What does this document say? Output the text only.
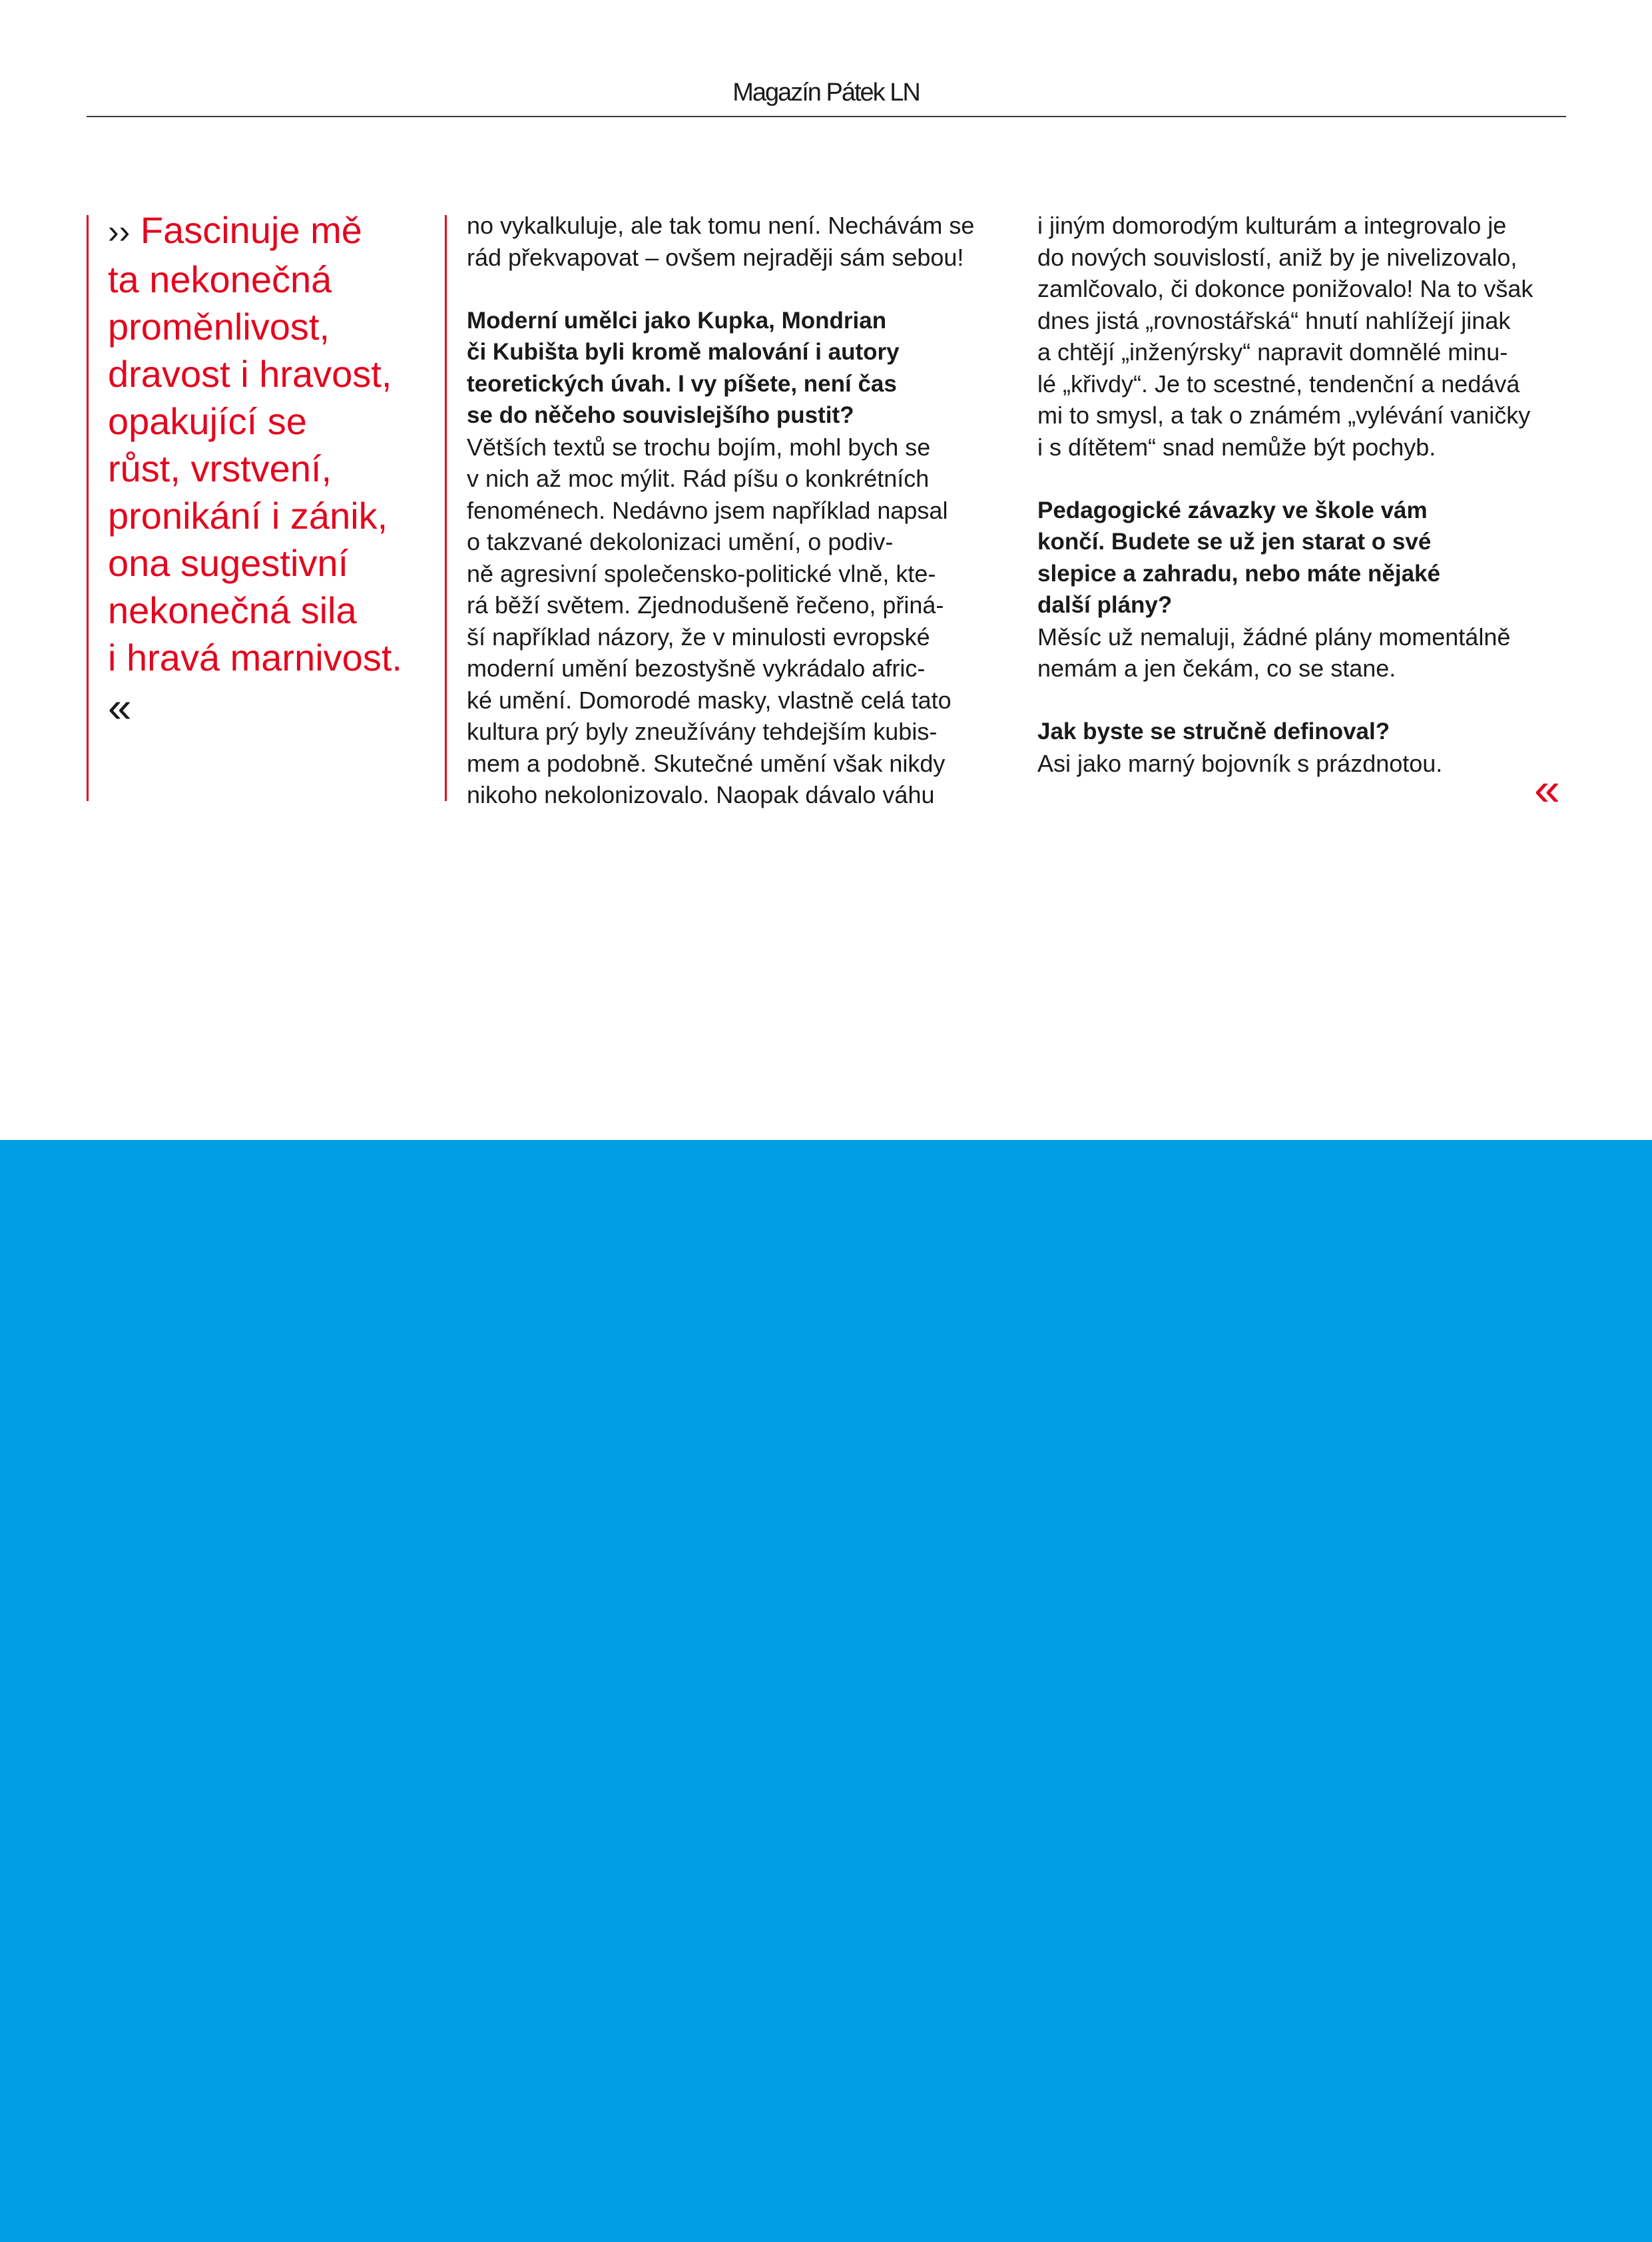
Magazín Pátek LN
›› Fascinuje mě
ta nekonečná
proměnlivost,
dravost i hravost,
opakující se
růst, vrstvení,
pronikání i zánik,
ona sugestivní
nekonečná sila
i hravá marnivost.
«

no vykalkuluje, ale tak tomu není. Nechávám se

rád překvapovat – ovšem nejraději sám sebou!

Moderní umělci jako Kupka, Mondrian

či Kubišta byli kromě malování i autory

teoretických úvah. I vy píšete, není čas

se do něčeho souvislejšího pustit?

Větších textů se trochu bojím, mohl bych se

v nich až moc mýlit. Rád píšu o konkrétních

fenoménech. Nedávno jsem například napsal

o takzvané dekolonizaci umění, o podiv-

ně agresivní společensko-politické vlně, kte-

rá běží světem. Zjednodušeně řečeno, přiná-

ší například názory, že v minulosti evropské

moderní umění bezostyšně vykrádalo afric-

ké umění. Domorodé masky, vlastně celá tato

kultura prý byly zneužívány tehdejším kubis-

mem a podobně. Skutečné umění však nikdy

nikoho nekolonizovalo. Naopak dávalo váhu

i jiným domorodým kulturám a integrovalo je

do nových souvislostí, aniž by je nivelizovalo,

zamlčovalo, či dokonce ponižovalo! Na to však

dnes jistá „rovnostářská“ hnutí nahlížejí jinak

a chtějí „inženýrsky“ napravit domnělé minu-

lé „křivdy“. Je to scestné, tendenční a nedává

mi to smysl, a tak o známém „vylévání vaničky

i s dítětem“ snad nemůže být pochyb.

Pedagogické závazky ve škole vám

končí. Budete se už jen starat o své

slepice a zahradu, nebo máte nějaké

další plány?

Měsíc už nemaluji, žádné plány momentálně

nemám a jen čekám, co se stane.

Jak byste se stručně definoval?

Asi jako marný bojovník s prázdnotou.	«
